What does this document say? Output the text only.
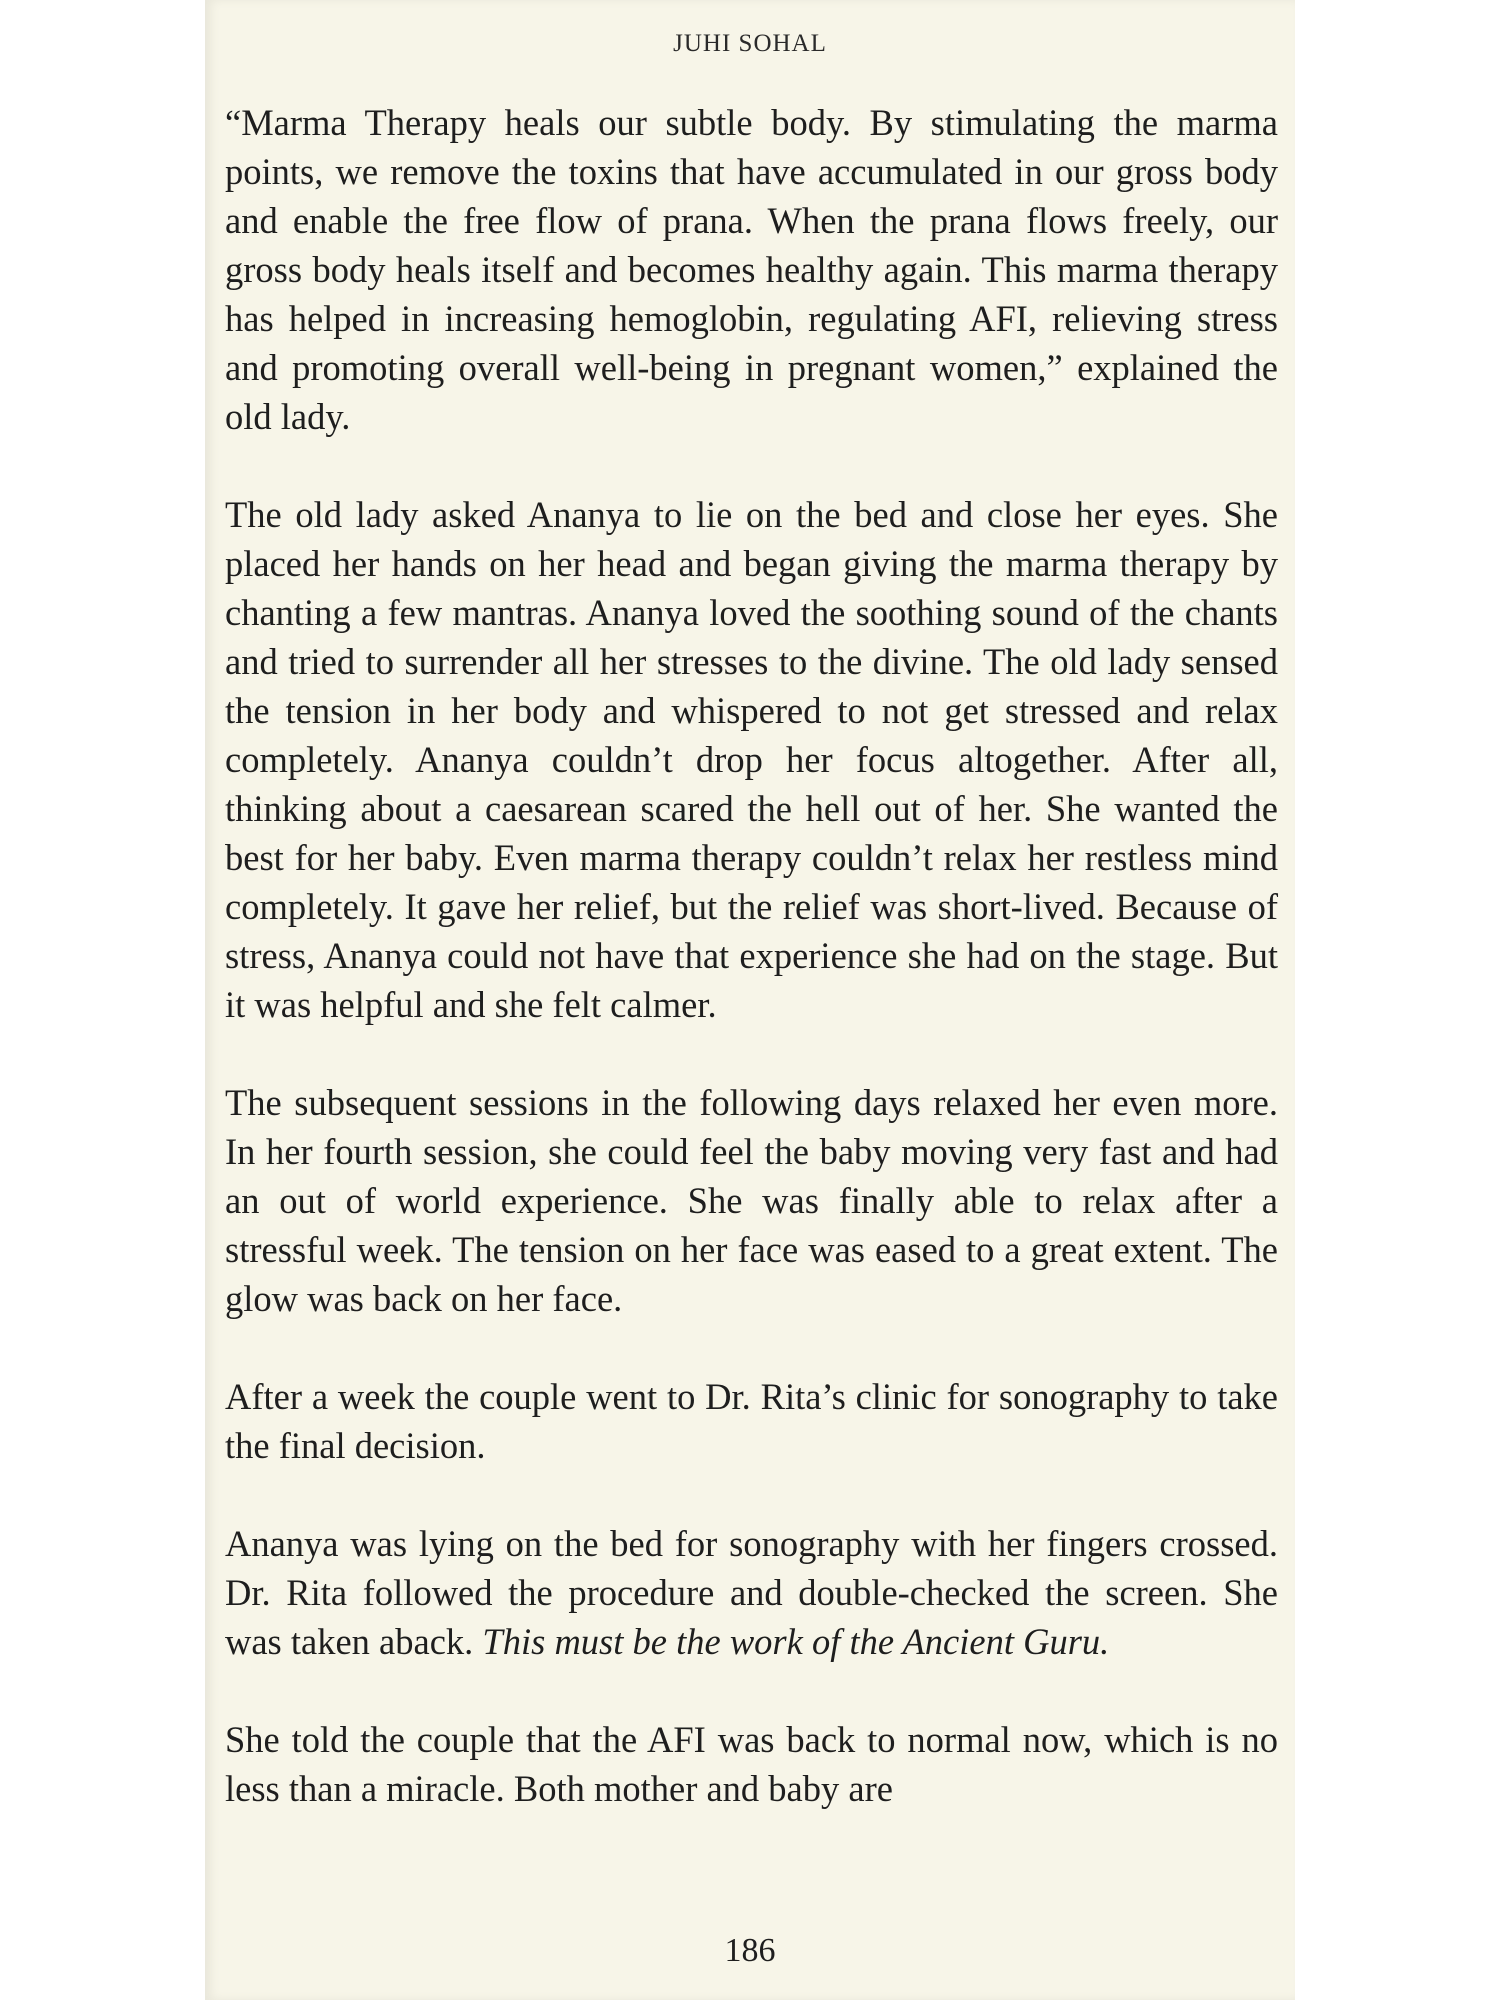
JUHI SOHAL

“Marma Therapy heals our subtle body. By stimulating the marma points, we remove the toxins that have accumulated in our gross body and enable the free flow of prana. When the prana flows freely, our gross body heals itself and becomes healthy again. This marma therapy has helped in increasing hemoglobin, regulating AFI, relieving stress and promoting overall well-being in pregnant women,” explained the old lady.

The old lady asked Ananya to lie on the bed and close her eyes. She placed her hands on her head and began giving the marma therapy by chanting a few mantras. Ananya loved the soothing sound of the chants and tried to surrender all her stresses to the divine. The old lady sensed the tension in her body and whispered to not get stressed and relax completely. Ananya couldn’t drop her focus altogether. After all, thinking about a caesarean scared the hell out of her. She wanted the best for her baby. Even marma therapy couldn’t relax her restless mind completely. It gave her relief, but the relief was short-lived. Because of stress, Ananya could not have that experience she had on the stage. But it was helpful and she felt calmer.

The subsequent sessions in the following days relaxed her even more. In her fourth session, she could feel the baby moving very fast and had an out of world experience. She was finally able to relax after a stressful week. The tension on her face was eased to a great extent. The glow was back on her face.

After a week the couple went to Dr. Rita’s clinic for sonography to take the final decision.

Ananya was lying on the bed for sonography with her fingers crossed. Dr. Rita followed the procedure and double-checked the screen. She was taken aback. This must be the work of the Ancient Guru.

She told the couple that the AFI was back to normal now, which is no less than a miracle. Both mother and baby are

186
